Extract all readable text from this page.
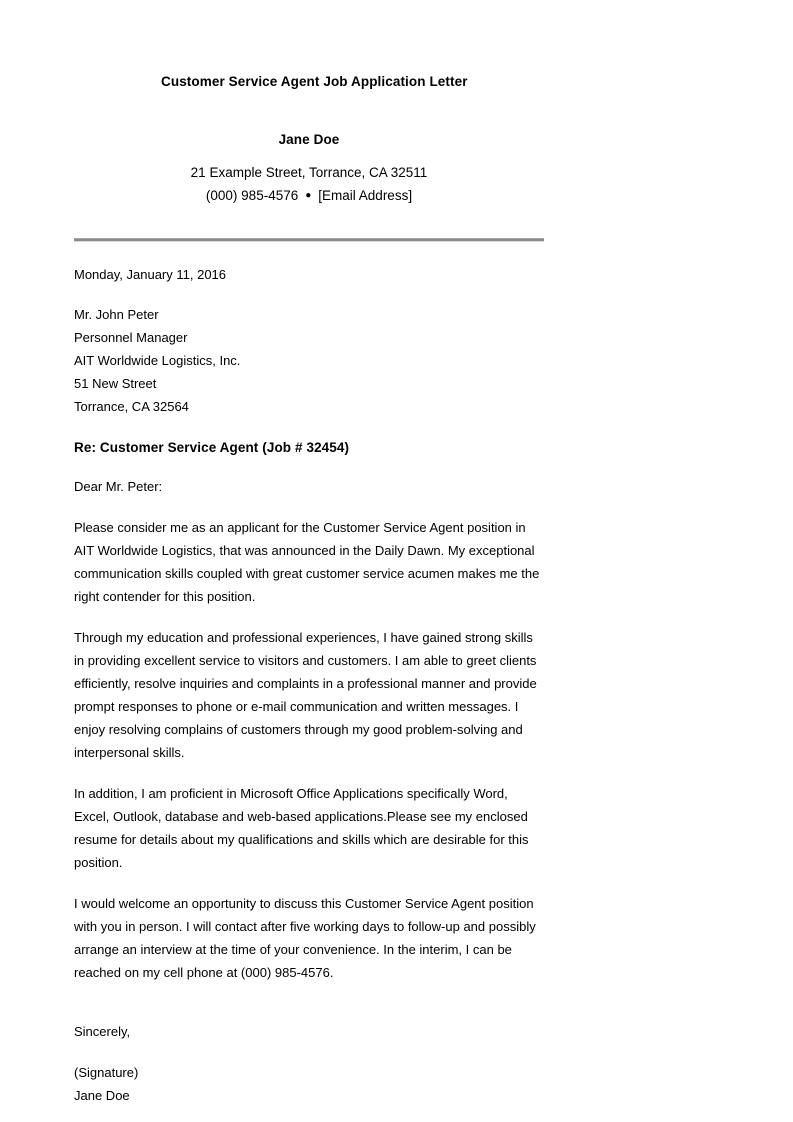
Customer Service Agent Job Application Letter
Jane Doe
21 Example Street, Torrance, CA 32511
(000) 985-4576 ● [Email Address]
Monday, January 11, 2016
Mr. John Peter
Personnel Manager
AIT Worldwide Logistics, Inc.
51 New Street
Torrance, CA 32564
Re: Customer Service Agent (Job # 32454)
Dear Mr. Peter:

Please consider me as an applicant for the Customer Service Agent position in AIT Worldwide Logistics, that was announced in the Daily Dawn. My exceptional communication skills coupled with great customer service acumen makes me the right contender for this position.

Through my education and professional experiences, I have gained strong skills in providing excellent service to visitors and customers. I am able to greet clients efficiently, resolve inquiries and complaints in a professional manner and provide prompt responses to phone or e-mail communication and written messages. I enjoy resolving complains of customers through my good problem-solving and interpersonal skills.

In addition, I am proficient in Microsoft Office Applications specifically Word, Excel, Outlook, database and web-based applications.Please see my enclosed resume for details about my qualifications and skills which are desirable for this position.

I would welcome an opportunity to discuss this Customer Service Agent position with you in person. I will contact after five working days to follow-up and possibly arrange an interview at the time of your convenience. In the interim, I can be reached on my cell phone at (000) 985-4576.

Sincerely,
(Signature)
Jane Doe
